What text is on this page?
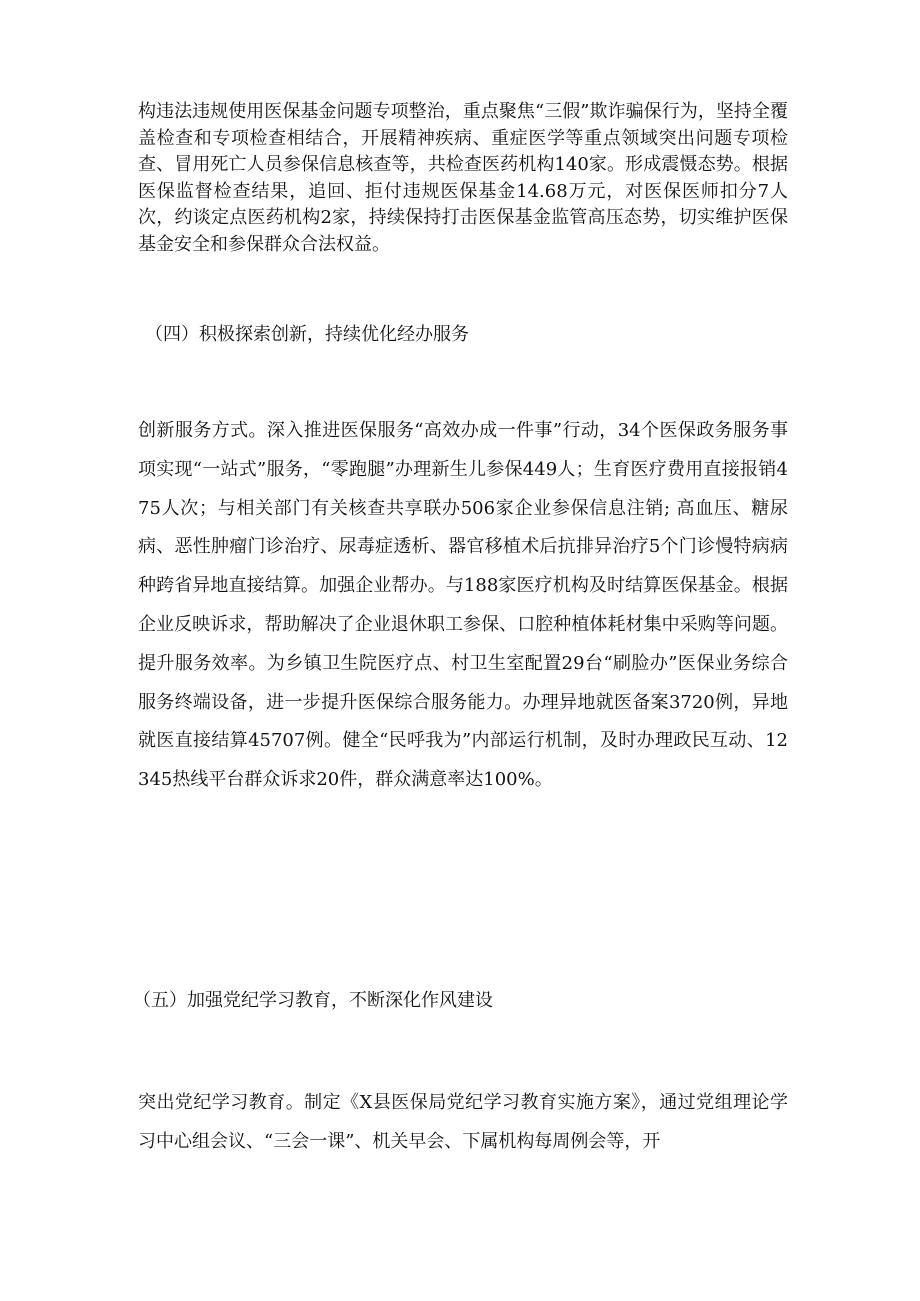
构违法违规使用医保基金问题专项整治，重点聚焦“三假”欺诈骗保行为，坚持全覆盖检查和专项检查相结合，开展精神疾病、重症医学等重点领域突出问题专项检查、冒用死亡人员参保信息核查等，共检查医药机构140家。形成震慑态势。根据医保监督检查结果，追回、拒付违规医保基金14.68万元，对医保医师扣分7人次，约谈定点医药机构2家，持续保持打击医保基金监管高压态势，切实维护医保基金安全和参保群众合法权益。

（四）积极探索创新，持续优化经办服务

创新服务方式。深入推进医保服务“高效办成一件事”行动，34个医保政务服务事项实现“一站式”服务，“零跑腿”办理新生儿参保449人；生育医疗费用直接报销475人次；与相关部门有关核查共享联办506家企业参保信息注销; 高血压、糖尿病、恶性肿瘤门诊治疗、尿毒症透析、器官移植术后抗排异治疗5个门诊慢特病病种跨省异地直接结算。加强企业帮办。与188家医疗机构及时结算医保基金。根据企业反映诉求，帮助解决了企业退休职工参保、口腔种植体耗材集中采购等问题。提升服务效率。为乡镇卫生院医疗点、村卫生室配置29台“刷脸办”医保业务综合服务终端设备，进一步提升医保综合服务能力。办理异地就医备案3720例，异地就医直接结算45707例。健全“民呼我为”内部运行机制，及时办理政民互动、12345热线平台群众诉求20件，群众满意率达100%。

（五）加强党纪学习教育，不断深化作风建设

突出党纪学习教育。制定《X县医保局党纪学习教育实施方案》，通过党组理论学习中心组会议、“三会一课”、机关早会、下属机构每周例会等，开
